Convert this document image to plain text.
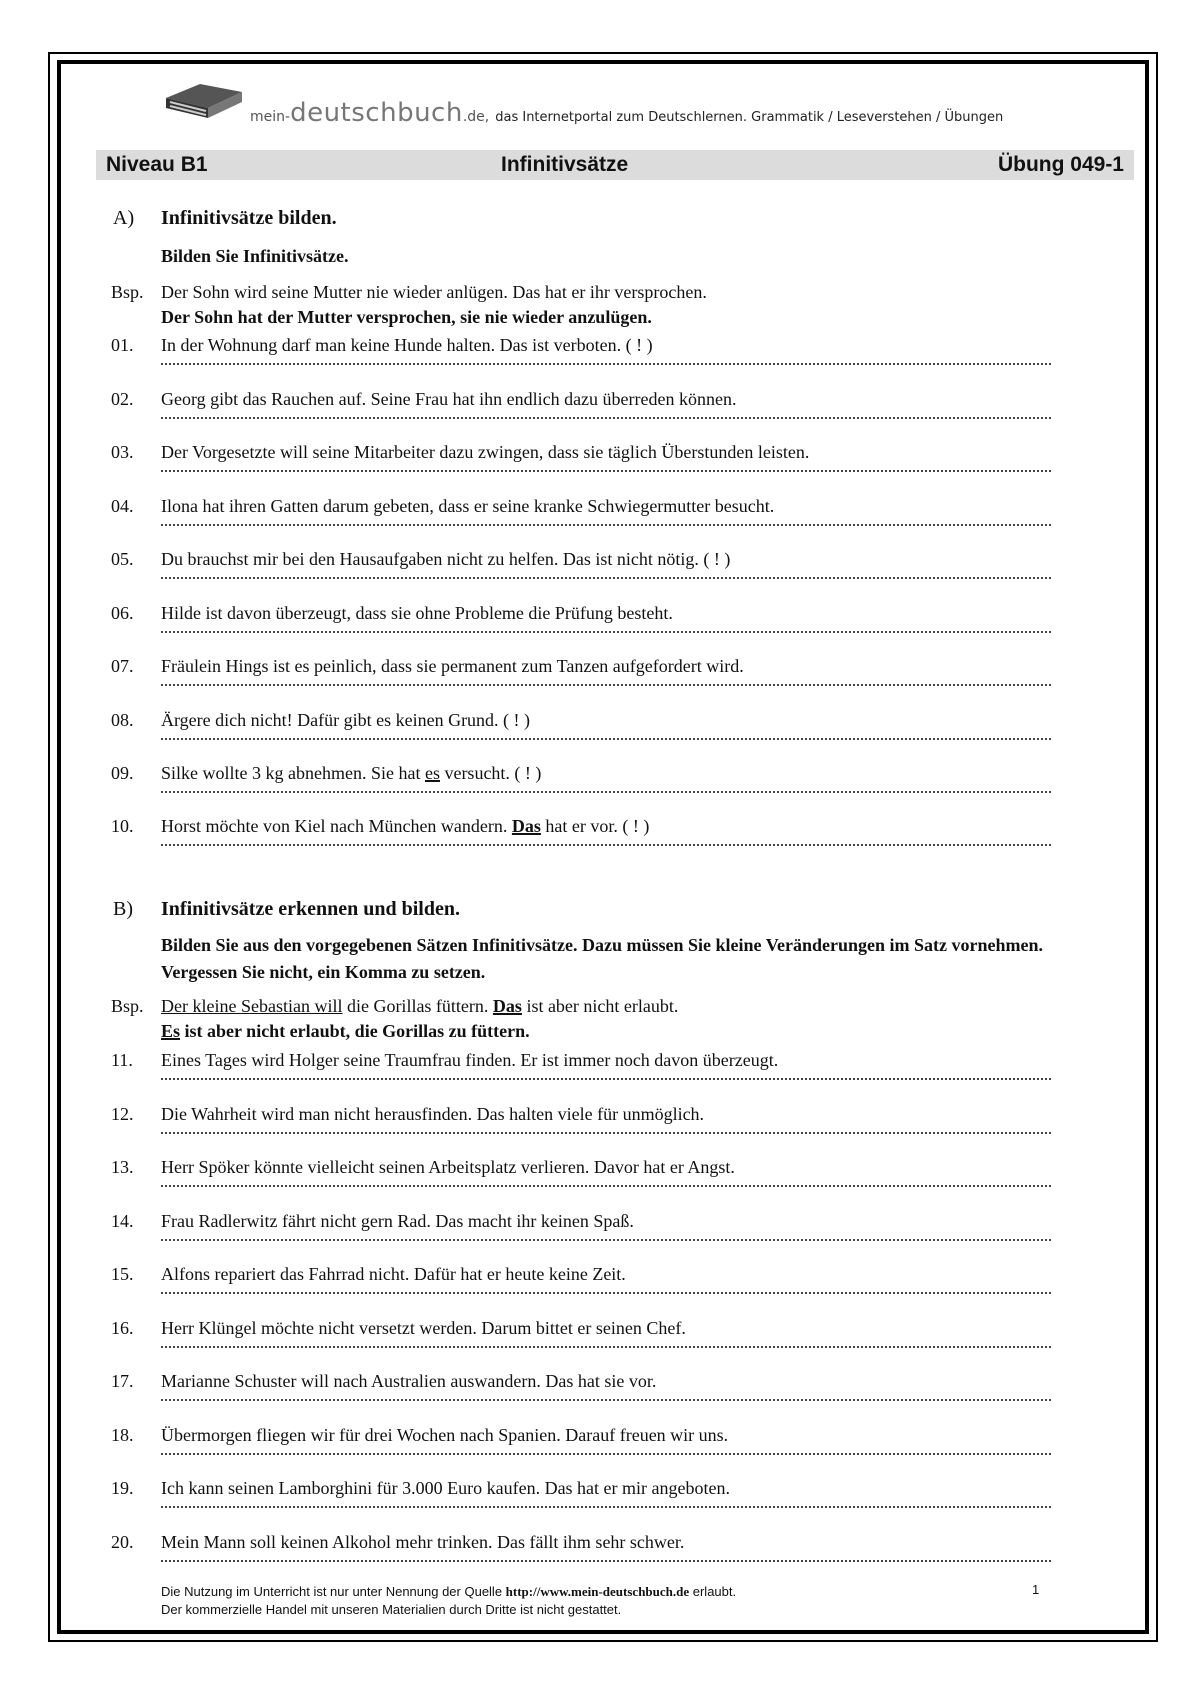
mein-deutschbuch.de, das Internetportal zum Deutschlernen. Grammatik / Leseverstehen / Übungen
Niveau B1	Infinitivsätze	Übung 049-1
A) Infinitivsätze bilden.
Bilden Sie Infinitivsätze.
Bsp. Der Sohn wird seine Mutter nie wieder anlügen. Das hat er ihr versprochen.
Der Sohn hat der Mutter versprochen, sie nie wieder anzulügen.
01. In der Wohnung darf man keine Hunde halten. Das ist verboten. ( ! )
02. Georg gibt das Rauchen auf. Seine Frau hat ihn endlich dazu überreden können.
03. Der Vorgesetzte will seine Mitarbeiter dazu zwingen, dass sie täglich Überstunden leisten.
04. Ilona hat ihren Gatten darum gebeten, dass er seine kranke Schwiegermutter besucht.
05. Du brauchst mir bei den Hausaufgaben nicht zu helfen. Das ist nicht nötig. ( ! )
06. Hilde ist davon überzeugt, dass sie ohne Probleme die Prüfung besteht.
07. Fräulein Hings ist es peinlich, dass sie permanent zum Tanzen aufgefordert wird.
08. Ärgere dich nicht! Dafür gibt es keinen Grund. ( ! )
09. Silke wollte 3 kg abnehmen. Sie hat es versucht. ( ! )
10. Horst möchte von Kiel nach München wandern. Das hat er vor. ( ! )
B) Infinitivsätze erkennen und bilden.
Bilden Sie aus den vorgegebenen Sätzen Infinitivsätze. Dazu müssen Sie kleine Veränderungen im Satz vornehmen. Vergessen Sie nicht, ein Komma zu setzen.
Bsp. Der kleine Sebastian will die Gorillas füttern. Das ist aber nicht erlaubt.
Es ist aber nicht erlaubt, die Gorillas zu füttern.
11. Eines Tages wird Holger seine Traumfrau finden. Er ist immer noch davon überzeugt.
12. Die Wahrheit wird man nicht herausfinden. Das halten viele für unmöglich.
13. Herr Spöker könnte vielleicht seinen Arbeitsplatz verlieren. Davor hat er Angst.
14. Frau Radlerwitz fährt nicht gern Rad. Das macht ihr keinen Spaß.
15. Alfons repariert das Fahrrad nicht. Dafür hat er heute keine Zeit.
16. Herr Klüngel möchte nicht versetzt werden. Darum bittet er seinen Chef.
17. Marianne Schuster will nach Australien auswandern. Das hat sie vor.
18. Übermorgen fliegen wir für drei Wochen nach Spanien. Darauf freuen wir uns.
19. Ich kann seinen Lamborghini für 3.000 Euro kaufen. Das hat er mir angeboten.
20. Mein Mann soll keinen Alkohol mehr trinken. Das fällt ihm sehr schwer.
Die Nutzung im Unterricht ist nur unter Nennung der Quelle http://www.mein-deutschbuch.de erlaubt.
Der kommerzielle Handel mit unseren Materialien durch Dritte ist nicht gestattet.
1
